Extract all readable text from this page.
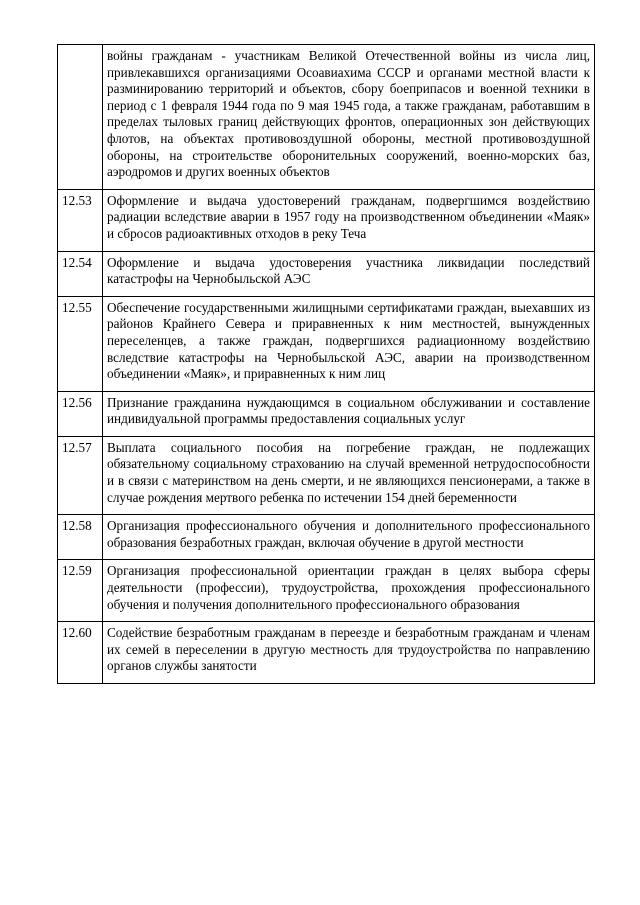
	войны гражданам - участникам Великой Отечественной войны из числа лиц, привлекавшихся организациями Осоавиахима СССР и органами местной власти к разминированию территорий и объектов, сбору боеприпасов и военной техники в период с 1 февраля 1944 года по 9 мая 1945 года, а также гражданам, работавшим в пределах тыловых границ действующих фронтов, операционных зон действующих флотов, на объектах противовоздушной обороны, местной противовоздушной обороны, на строительстве оборонительных сооружений, военно-морских баз, аэродромов и других военных объектов
12.53	Оформление и выдача удостоверений гражданам, подвергшимся воздействию радиации вследствие аварии в 1957 году на производственном объединении «Маяк» и сбросов радиоактивных отходов в реку Теча
12.54	Оформление и выдача удостоверения участника ликвидации последствий катастрофы на Чернобыльской АЭС
12.55	Обеспечение государственными жилищными сертификатами граждан, выехавших из районов Крайнего Севера и приравненных к ним местностей, вынужденных переселенцев, а также граждан, подвергшихся радиационному воздействию вследствие катастрофы на Чернобыльской АЭС, аварии на производственном объединении «Маяк», и приравненных к ним лиц
12.56	Признание гражданина нуждающимся в социальном обслуживании и составление индивидуальной программы предоставления социальных услуг
12.57	Выплата социального пособия на погребение граждан, не подлежащих обязательному социальному страхованию на случай временной нетрудоспособности и в связи с материнством на день смерти, и не являющихся пенсионерами, а также в случае рождения мертвого ребенка по истечении 154 дней беременности
12.58	Организация профессионального обучения и дополнительного профессионального образования безработных граждан, включая обучение в другой местности
12.59	Организация профессиональной ориентации граждан в целях выбора сферы деятельности (профессии), трудоустройства, прохождения профессионального обучения и получения дополнительного профессионального образования
12.60	Содействие безработным гражданам в переезде и безработным гражданам и членам их семей в переселении в другую местность для трудоустройства по направлению органов службы занятости
